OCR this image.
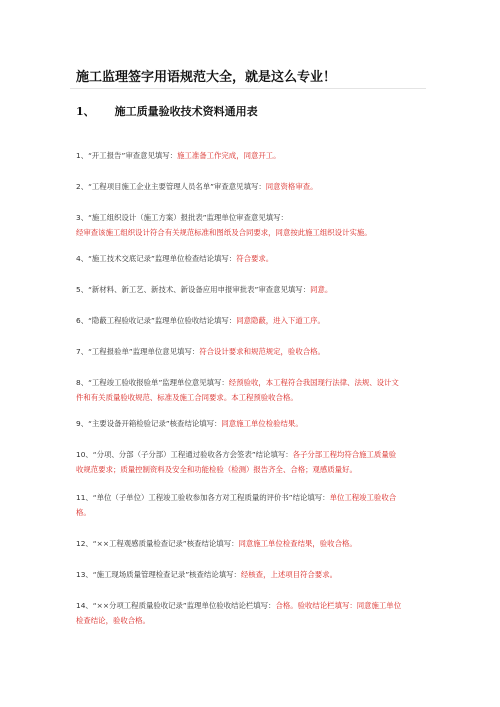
施工监理签字用语规范大全，就是这么专业！
1、 施工质量验收技术资料通用表
1、“开工报告”审查意见填写：施工准备工作完成，同意开工。
2、“工程项目施工企业主要管理人员名单”审查意见填写：同意资格审查。
3、“施工组织设计（施工方案）报批表”监理单位审查意见填写：
经审查该施工组织设计符合有关规范标准和图纸及合同要求，同意按此施工组织设计实施。
4、“施工技术交底记录”监理单位检查结论填写：符合要求。
5、“新材料、新工艺、新技术、新设备应用申报审批表”审查意见填写：同意。
6、“隐蔽工程验收记录”监理单位验收结论填写：同意隐蔽，进入下道工序。
7、“工程报验单”监理单位意见填写：符合设计要求和规范规定，验收合格。
8、“工程竣工验收报验单”监理单位意见填写：经预验收，本工程符合我国现行法律、法规、设计文
件和有关质量验收规范、标准及施工合同要求。本工程预验收合格。
9、“主要设备开箱检验记录”核查结论填写：同意施工单位检验结果。
10、“分项、分部（子分部）工程通过验收各方会签表”结论填写：各子分部工程均符合施工质量验
收规范要求；质量控制资料及安全和功能检验（检测）报告齐全、合格；观感质量好。
11、“单位（子单位）工程竣工验收参加各方对工程质量的评价书”结论填写：单位工程竣工验收合
格。
12、“××工程观感质量检查记录”核查结论填写：同意施工单位检查结果，验收合格。
13、“施工现场质量管理检查记录”核查结论填写：经核查，上述项目符合要求。
14、“××分项工程质量验收记录”监理单位验收结论栏填写：合格。验收结论栏填写：同意施工单位
检查结论，验收合格。
